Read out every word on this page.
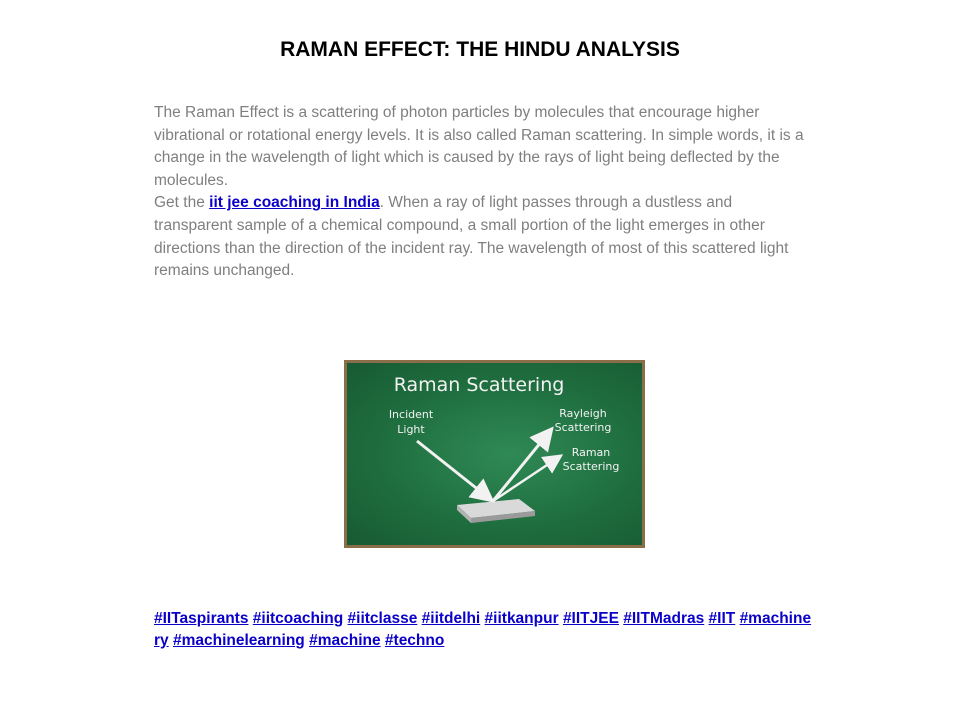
RAMAN EFFECT: THE HINDU ANALYSIS

The Raman Effect is a scattering of photon particles by molecules that encourage higher vibrational or rotational energy levels. It is also called Raman scattering. In simple words, it is a change in the wavelength of light which is caused by the rays of light being deflected by the molecules.

Get the iit jee coaching in India. When a ray of light passes through a dustless and transparent sample of a chemical compound, a small portion of the light emerges in other directions than the direction of the incident ray. The wavelength of most of this scattered light remains unchanged.

Raman Scattering
Incident
Light
Rayleigh
Scattering
Raman
Scattering
#IITaspirants #iitcoaching #iitclasse #iitdelhi #iitkanpur #IITJEE #IITMadras #IIT #machinery #machinelearning #machine #techno
